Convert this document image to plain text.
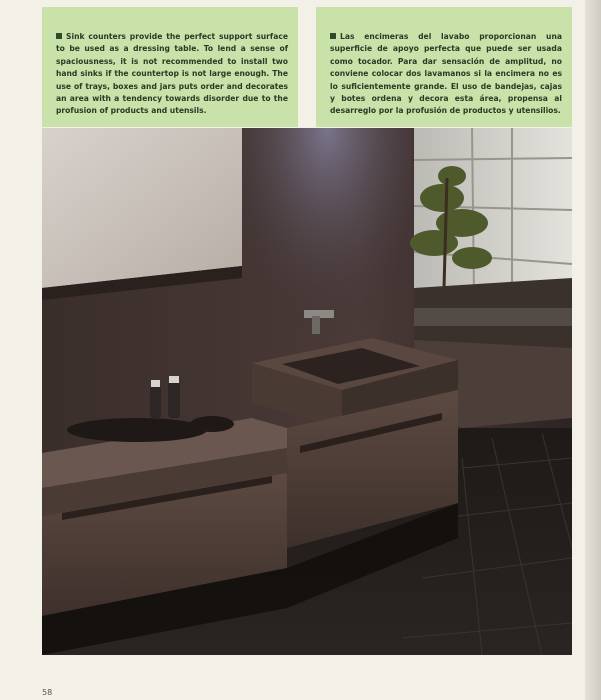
Sink counters provide the perfect support surface to be used as a dressing table. To lend a sense of spaciousness, it is not recommended to install two hand sinks if the countertop is not large enough. The use of trays, boxes and jars puts order and decorates an area with a tendency towards disorder due to the profusion of products and utensils.
Las encimeras del lavabo proporcionan una superficie de apoyo perfecta que puede ser usada como tocador. Para dar sensación de amplitud, no conviene colocar dos lavamanos si la encimera no es lo suficientemente grande. El uso de bandejas, cajas y botes ordena y decora esta área, propensa al desarreglo por la profusión de productos y utensilios.
58
